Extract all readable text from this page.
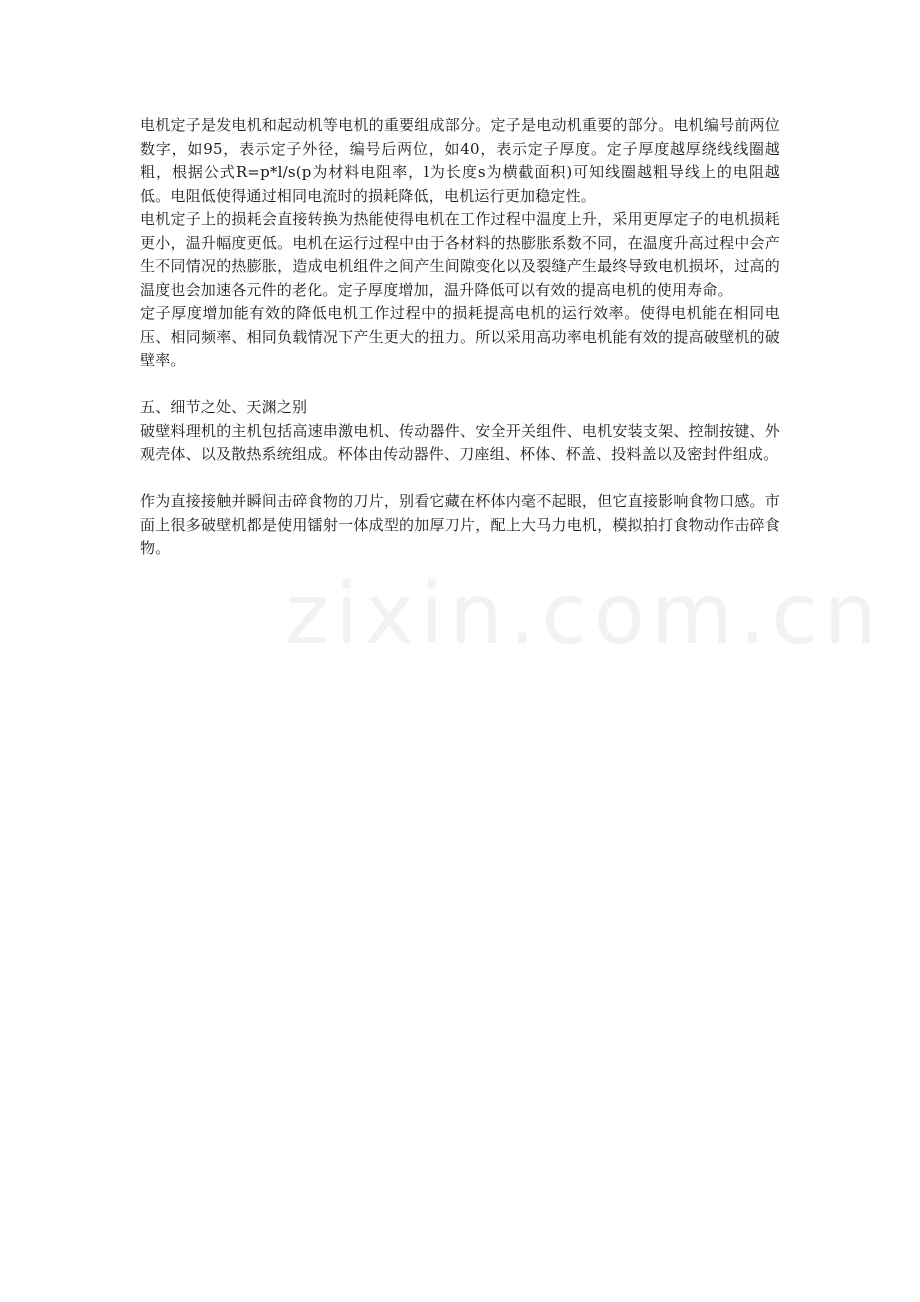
电机定子是发电机和起动机等电机的重要组成部分。定子是电动机重要的部分。电机编号前两位数字，如95，表示定子外径，编号后两位，如40，表示定子厚度。定子厚度越厚绕线线圈越粗，根据公式R=p*l/s(p为材料电阻率，l为长度s为横截面积)可知线圈越粗导线上的电阻越低。电阻低使得通过相同电流时的损耗降低，电机运行更加稳定性。

电机定子上的损耗会直接转换为热能使得电机在工作过程中温度上升，采用更厚定子的电机损耗更小，温升幅度更低。电机在运行过程中由于各材料的热膨胀系数不同，在温度升高过程中会产生不同情况的热膨胀，造成电机组件之间产生间隙变化以及裂缝产生最终导致电机损坏，过高的温度也会加速各元件的老化。定子厚度增加，温升降低可以有效的提高电机的使用寿命。

定子厚度增加能有效的降低电机工作过程中的损耗提高电机的运行效率。使得电机能在相同电压、相同频率、相同负载情况下产生更大的扭力。所以采用高功率电机能有效的提高破壁机的破壁率。

五、细节之处、天渊之别

破壁料理机的主机包括高速串激电机、传动器件、安全开关组件、电机安装支架、控制按键、外观壳体、以及散热系统组成。杯体由传动器件、刀座组、杯体、杯盖、投料盖以及密封件组成。

作为直接接触并瞬间击碎食物的刀片，别看它藏在杯体内毫不起眼，但它直接影响食物口感。市面上很多破壁机都是使用镭射一体成型的加厚刀片，配上大马力电机，模拟拍打食物动作击碎食物。

zixin.com.cn
